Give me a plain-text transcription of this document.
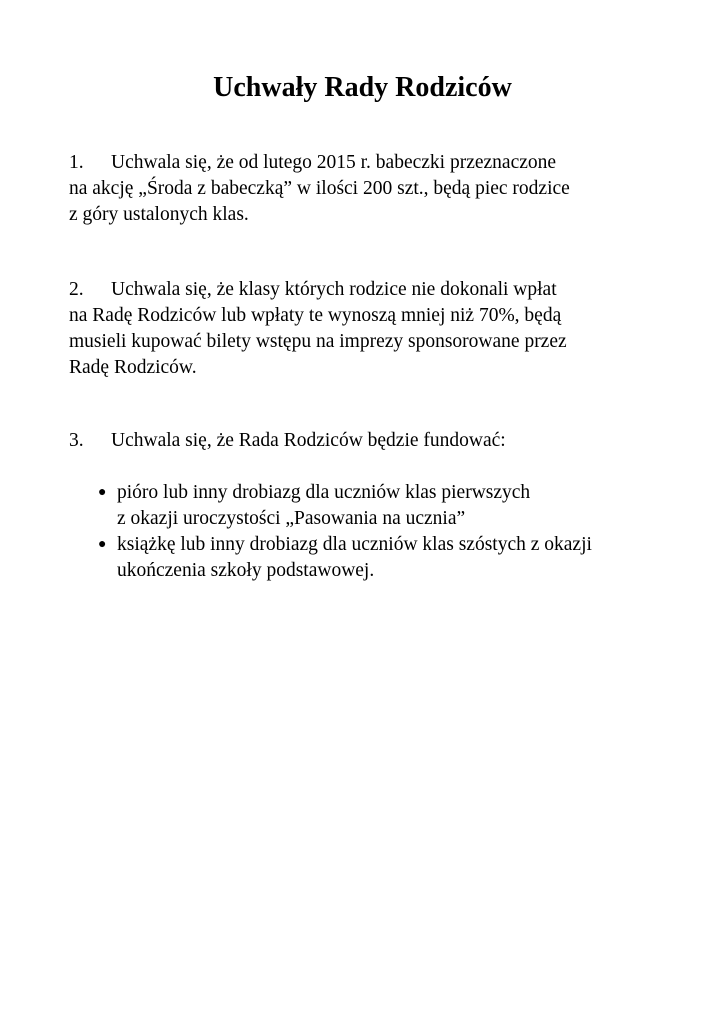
Uchwały Rady Rodziców

1. Uchwala się, że od lutego 2015 r. babeczki przeznaczone
na akcję „Środa z babeczką” w ilości 200 szt., będą piec rodzice
z góry ustalonych klas.

2. Uchwala się, że klasy których rodzice nie dokonali wpłat
na Radę Rodziców lub wpłaty te wynoszą mniej niż 70%, będą
musieli kupować bilety wstępu na imprezy sponsorowane przez
Radę Rodziców.

3. Uchwala się, że Rada Rodziców będzie fundować:

● pióro lub inny drobiazg dla uczniów klas pierwszych
z okazji uroczystości „Pasowania na ucznia”
● książkę lub inny drobiazg dla uczniów klas szóstych z okazji
ukończenia szkoły podstawowej.
